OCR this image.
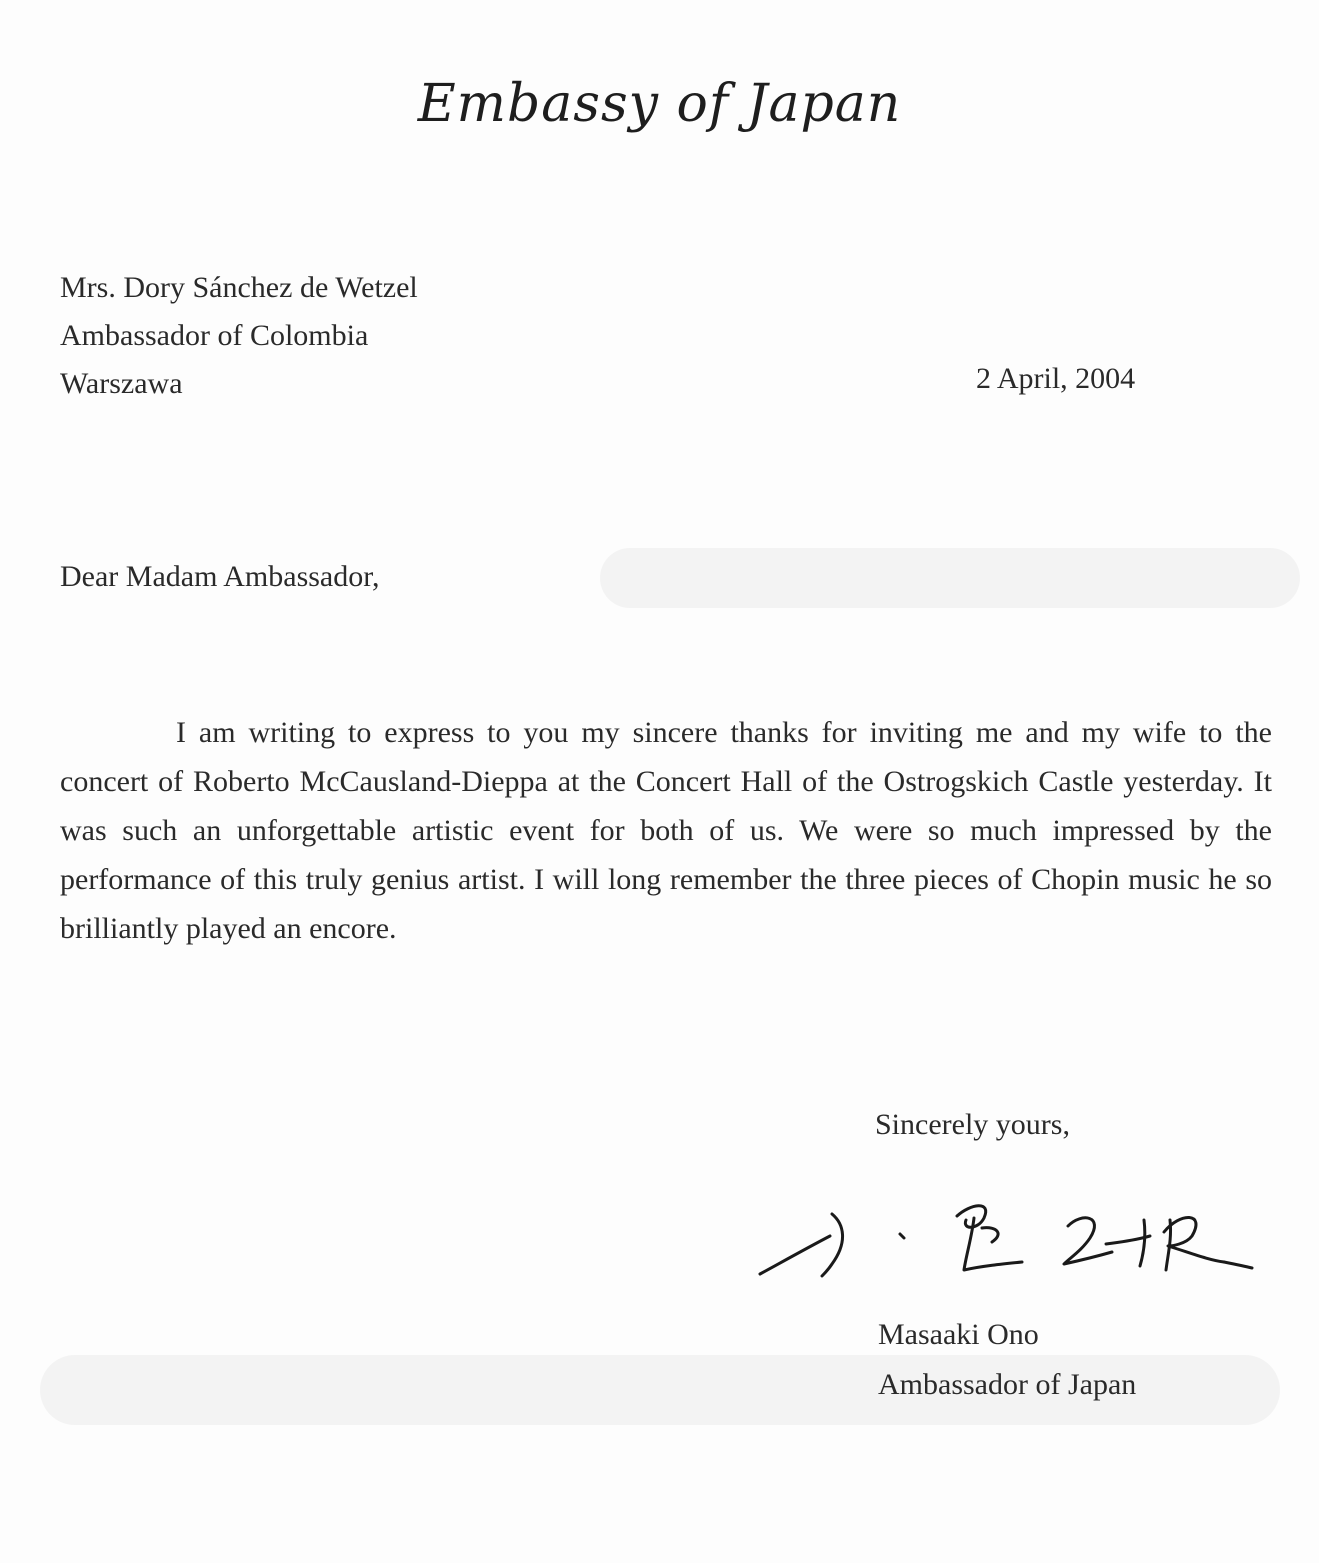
Embassy of Japan
Mrs. Dory Sánchez de Wetzel
Ambassador of Colombia
Warszawa	2 April, 2004
Dear Madam Ambassador,
I am writing to express to you my sincere thanks for inviting me and my wife to the concert of Roberto McCausland-Dieppa at the Concert Hall of the Ostrogskich Castle yesterday. It was such an unforgettable artistic event for both of us. We were so much impressed by the performance of this truly genius artist. I will long remember the three pieces of Chopin music he so brilliantly played an encore.
Sincerely yours,
Masaaki Ono
Ambassador of Japan
